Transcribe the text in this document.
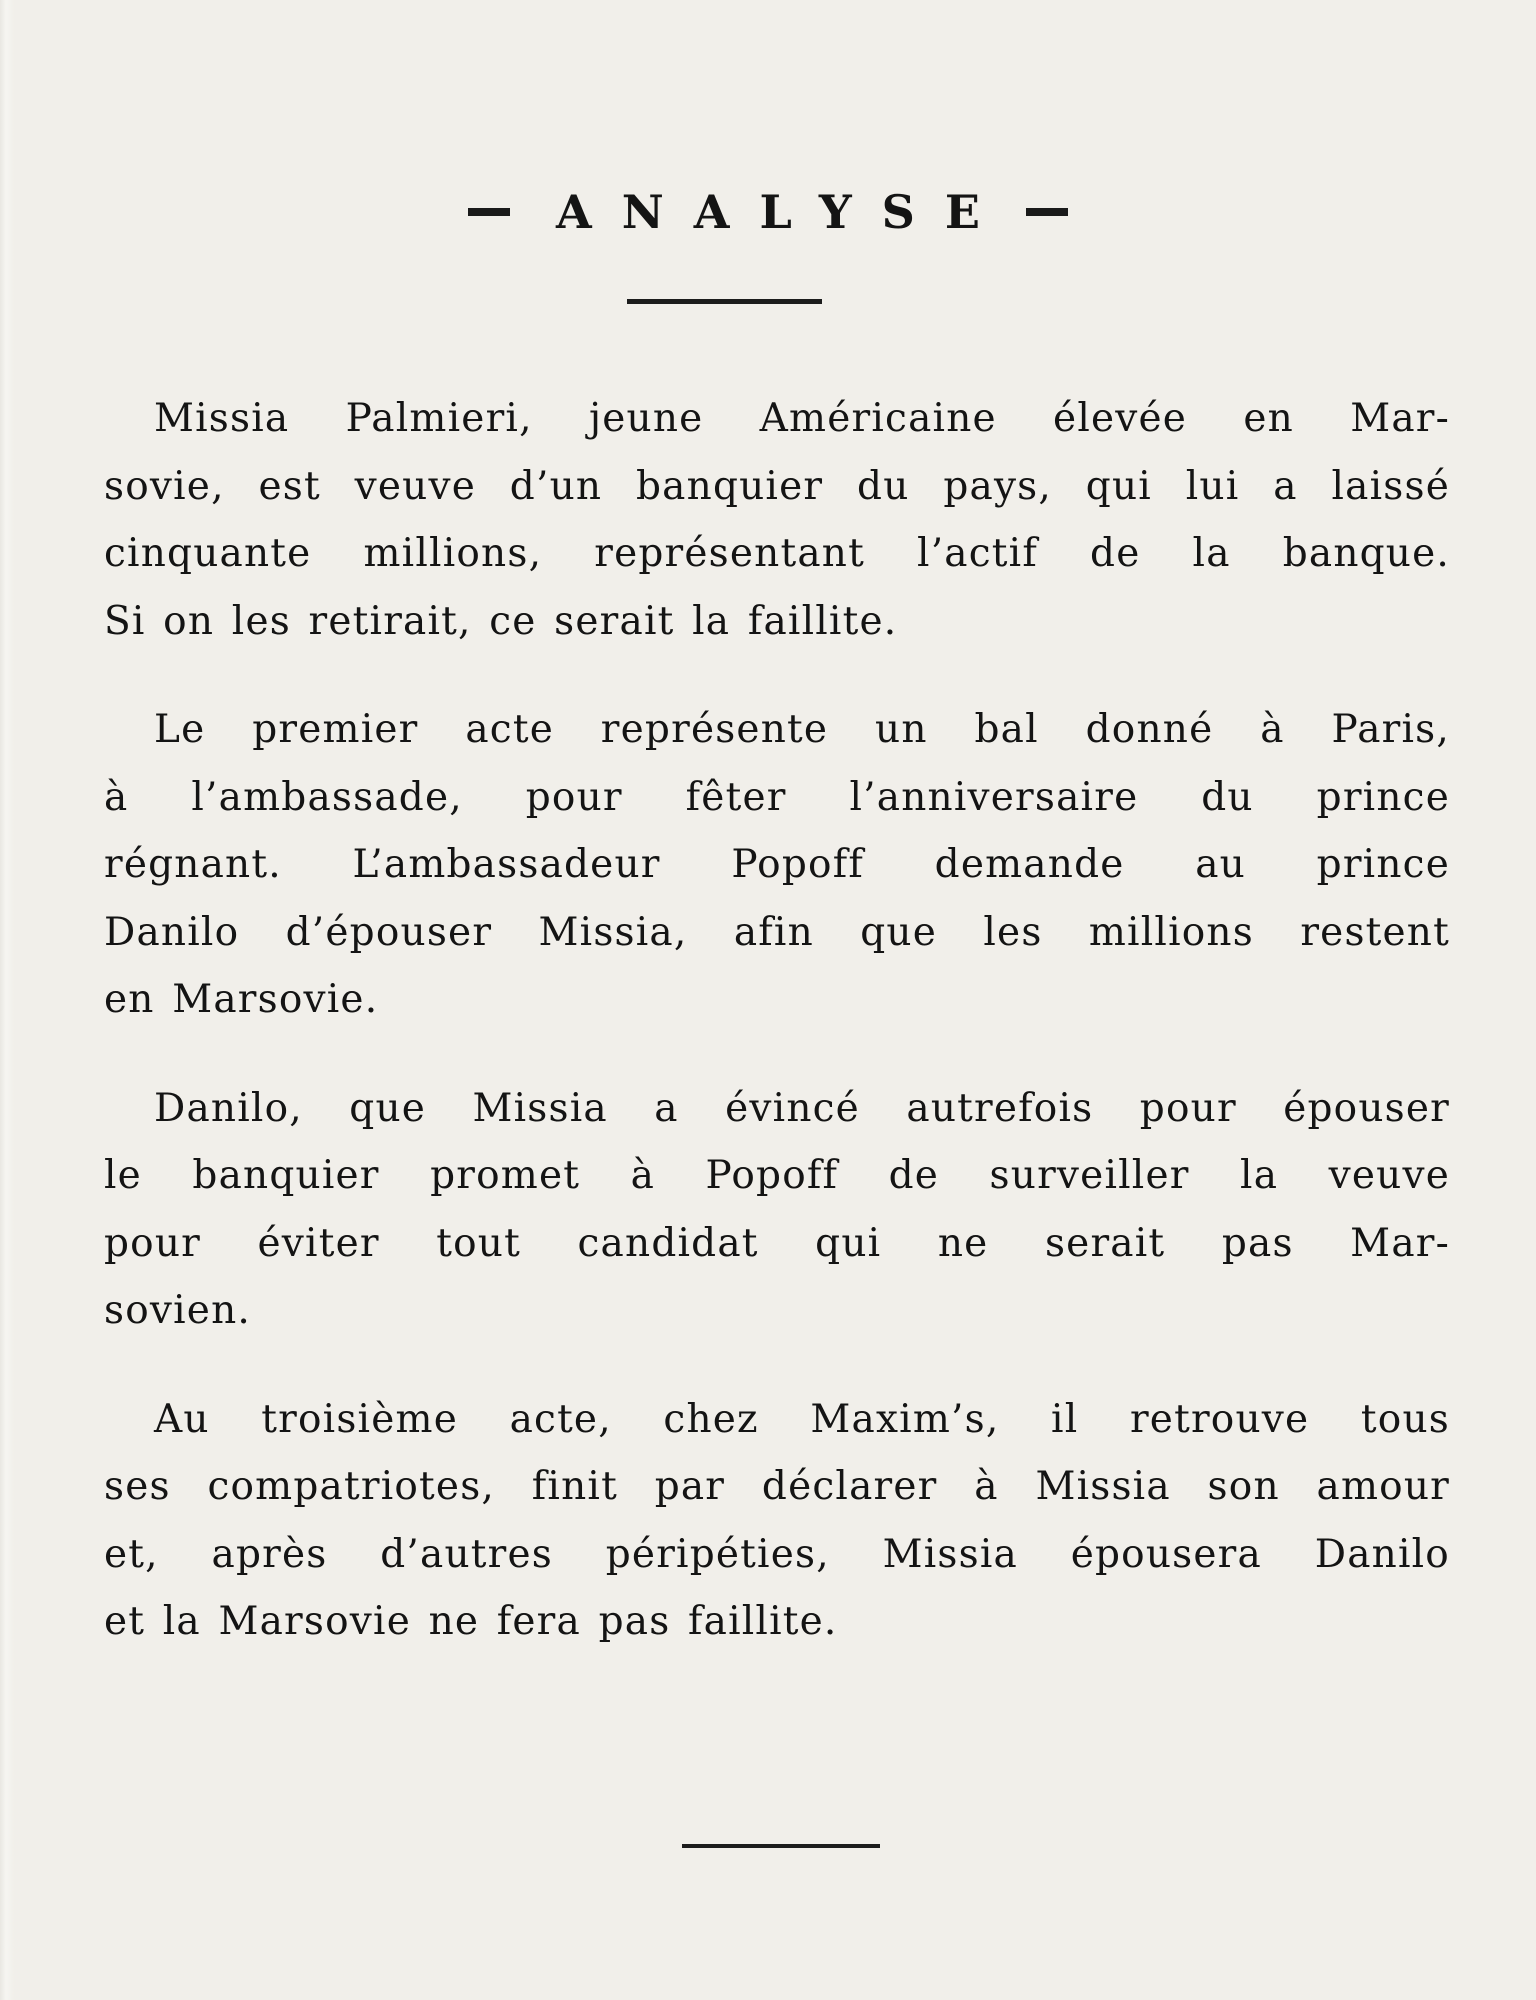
ANALYSE

Missia Palmieri, jeune Américaine élevée en Mar-
sovie, est veuve d’un banquier du pays, qui lui a laissé
cinquante millions, représentant l’actif de la banque.
Si on les retirait, ce serait la faillite.

Le premier acte représente un bal donné à Paris,
à l’ambassade, pour fêter l’anniversaire du prince
régnant. L’ambassadeur Popoff demande au prince
Danilo d’épouser Missia, afin que les millions restent
en Marsovie.

Danilo, que Missia a évincé autrefois pour épouser
le banquier promet à Popoff de surveiller la veuve
pour éviter tout candidat qui ne serait pas Mar-
sovien.

Au troisième acte, chez Maxim’s, il retrouve tous
ses compatriotes, finit par déclarer à Missia son amour
et, après d’autres péripéties, Missia épousera Danilo
et la Marsovie ne fera pas faillite.
